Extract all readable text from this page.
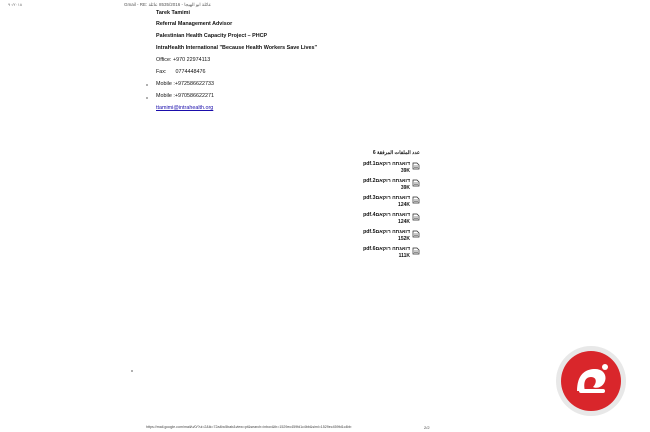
٩٠/٢٠١٨	Gmail - RE: عائلة ابو الهيجا - 8535/2016 عائلة
Tarek Tamimi
Referral Management Advisor
Palestinian Health Capacity Project – PHCP
IntraHealth International "Because Health Workers Save Lives"
Office: +970 22974113
Fax:      0774448476
Mobile :+972586622733
Mobile :+970586622271
ttamimi@intrahealth.org
عدد الملفات المرفقة 6
pdf.1דואגתה רוקאם
39K
pdf.2דואגתה רוקאם
39K
pdf.3דואגתה רוקאם
124K
pdf.4דואגתה רוקאם
124K
pdf.5דואגתה רוקאם
152K
pdf.6דואגתה רוקאם
111K
https://mail.google.com/mail/u/0/?ui=2&ik=72a4bc5bab&view=pt&search=inbox&th=1529ec459fd1c4bb&siml=1529ec459fd1c4bb	2/2
